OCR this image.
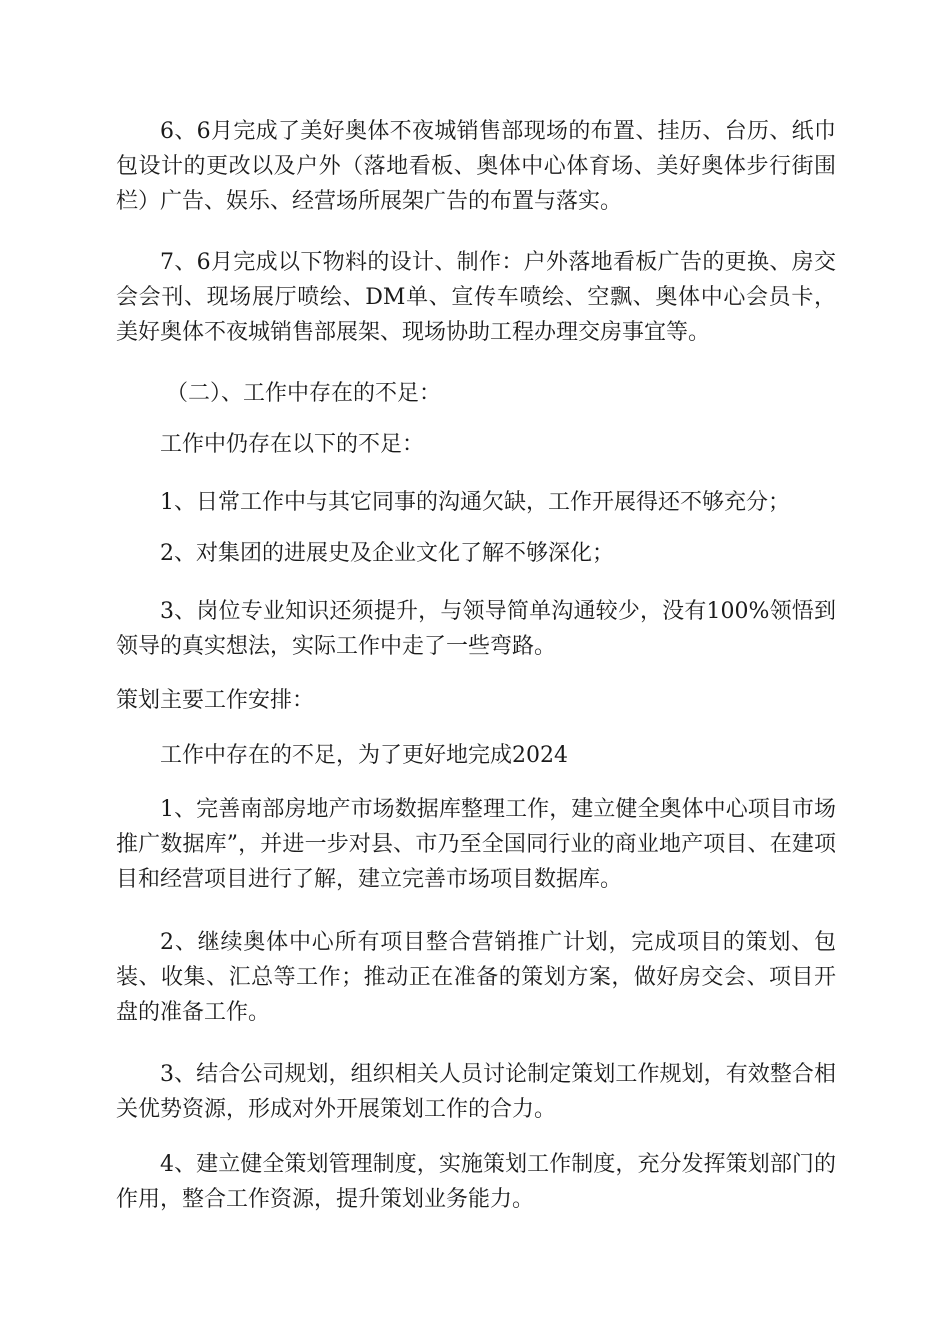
6、6月完成了美好奥体不夜城销售部现场的布置、挂历、台历、纸巾包设计的更改以及户外（落地看板、奥体中心体育场、美好奥体步行街围栏）广告、娱乐、经营场所展架广告的布置与落实。

7、6月完成以下物料的设计、制作：户外落地看板广告的更换、房交会会刊、现场展厅喷绘、DM单、宣传车喷绘、空飘、奥体中心会员卡，美好奥体不夜城销售部展架、现场协助工程办理交房事宜等。

（二）、工作中存在的不足：

工作中仍存在以下的不足：

1、日常工作中与其它同事的沟通欠缺，工作开展得还不够充分；

2、对集团的进展史及企业文化了解不够深化；

3、岗位专业知识还须提升，与领导简单沟通较少，没有100%领悟到领导的真实想法，实际工作中走了一些弯路。

策划主要工作安排：

工作中存在的不足，为了更好地完成2024

1、完善南部房地产市场数据库整理工作，建立健全奥体中心项目市场推广数据库”，并进一步对县、市乃至全国同行业的商业地产项目、在建项目和经营项目进行了解，建立完善市场项目数据库。

2、继续奥体中心所有项目整合营销推广计划，完成项目的策划、包装、收集、汇总等工作；推动正在准备的策划方案，做好房交会、项目开盘的准备工作。

3、结合公司规划，组织相关人员讨论制定策划工作规划，有效整合相关优势资源，形成对外开展策划工作的合力。

4、建立健全策划管理制度，实施策划工作制度，充分发挥策划部门的作用，整合工作资源，提升策划业务能力。
